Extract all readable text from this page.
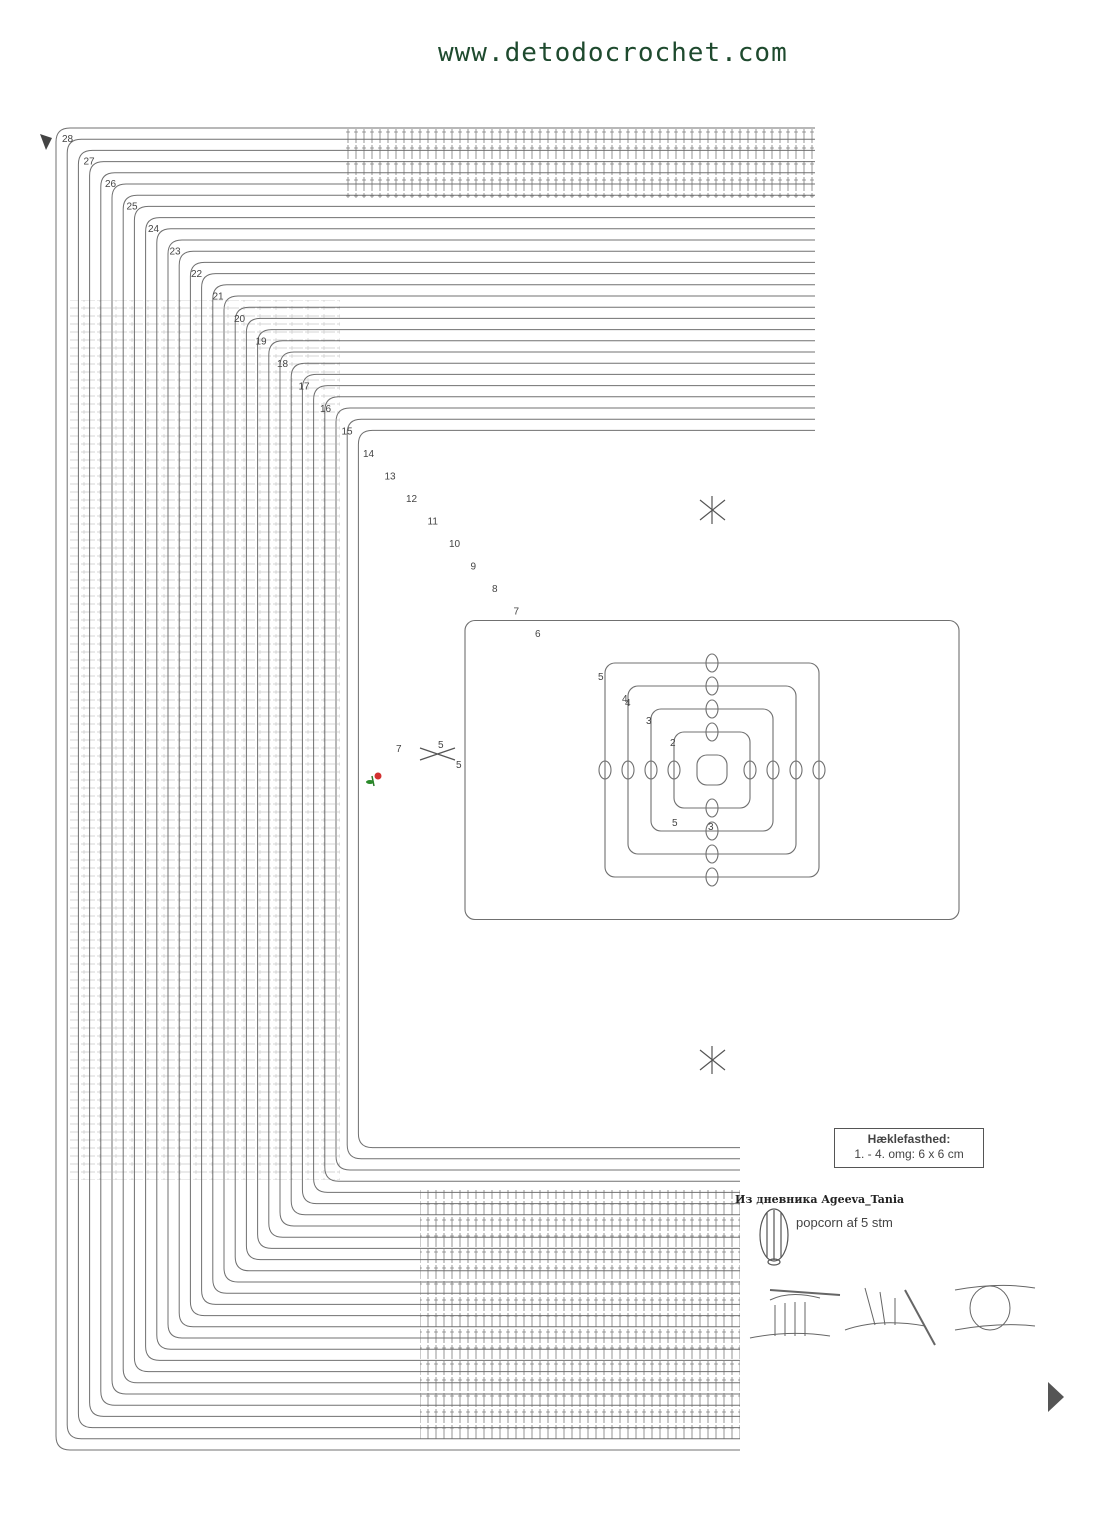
www.detodocrochet.com
28
27
26
25
24
23
22
21
20
19
18
17
16
15
14
13
12
11
10
9
8
7
6
5
4
3
2
7	5
5
5	3
4
Hæklefasthed:
1. - 4. omg: 6 x 6 cm
Из дневника Ageeva_Tania
popcorn af 5 stm
